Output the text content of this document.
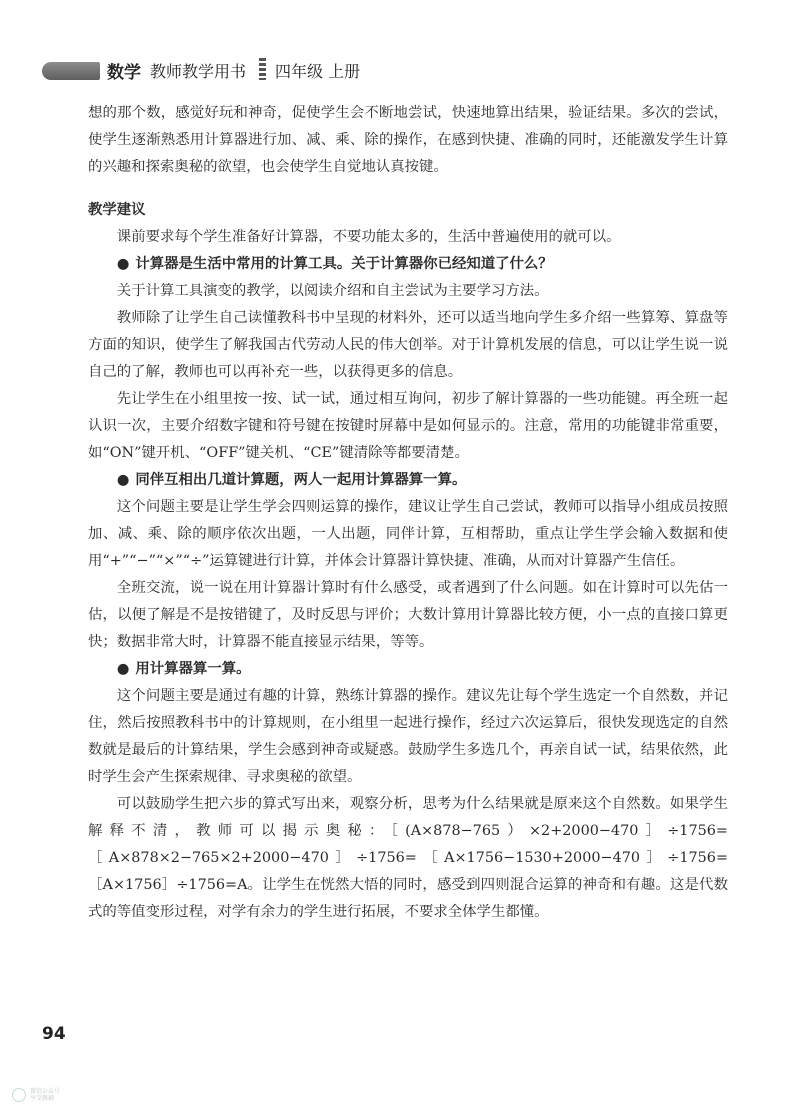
数学 教师教学用书 四年级 上册

想的那个数，感觉好玩和神奇，促使学生会不断地尝试，快速地算出结果，验证结果。多次的尝试，使学生逐渐熟悉用计算器进行加、减、乘、除的操作，在感到快捷、准确的同时，还能激发学生计算的兴趣和探索奥秘的欲望，也会使学生自觉地认真按键。

教学建议

课前要求每个学生准备好计算器，不要功能太多的，生活中普遍使用的就可以。

● 计算器是生活中常用的计算工具。关于计算器你已经知道了什么？

关于计算工具演变的教学，以阅读介绍和自主尝试为主要学习方法。

教师除了让学生自己读懂教科书中呈现的材料外，还可以适当地向学生多介绍一些算筹、算盘等方面的知识，使学生了解我国古代劳动人民的伟大创举。对于计算机发展的信息，可以让学生说一说自己的了解，教师也可以再补充一些，以获得更多的信息。

先让学生在小组里按一按、试一试，通过相互询问，初步了解计算器的一些功能键。再全班一起认识一次，主要介绍数字键和符号键在按键时屏幕中是如何显示的。注意，常用的功能键非常重要，如“ON”键开机、“OFF”键关机、“CE”键清除等都要清楚。

● 同伴互相出几道计算题，两人一起用计算器算一算。

这个问题主要是让学生学会四则运算的操作，建议让学生自己尝试，教师可以指导小组成员按照加、减、乘、除的顺序依次出题，一人出题，同伴计算，互相帮助，重点让学生学会输入数据和使用“+”“−”“×”“÷”运算键进行计算，并体会计算器计算快捷、准确，从而对计算器产生信任。

全班交流，说一说在用计算器计算时有什么感受，或者遇到了什么问题。如在计算时可以先估一估，以便了解是不是按错键了，及时反思与评价；大数计算用计算器比较方便，小一点的直接口算更快；数据非常大时，计算器不能直接显示结果，等等。

● 用计算器算一算。

这个问题主要是通过有趣的计算，熟练计算器的操作。建议先让每个学生选定一个自然数，并记住，然后按照教科书中的计算规则，在小组里一起进行操作，经过六次运算后，很快发现选定的自然数就是最后的计算结果，学生会感到神奇或疑惑。鼓励学生多选几个，再亲自试一试，结果依然，此时学生会产生探索规律、寻求奥秘的欲望。

可以鼓励学生把六步的算式写出来，观察分析，思考为什么结果就是原来这个自然数。如果学生解释不清，教师可以揭示奥秘：［(A×878−765）×2+2000−470］÷1756=［A×878×2−765×2+2000−470］÷1756=［A×1756−1530+2000−470］÷1756=［A×1756］÷1756=A。让学生在恍然大悟的同时，感受到四则混合运算的神奇和有趣。这是代数式的等值变形过程，对学有余力的学生进行拓展，不要求全体学生都懂。

94
微信公众号
享受教辅
